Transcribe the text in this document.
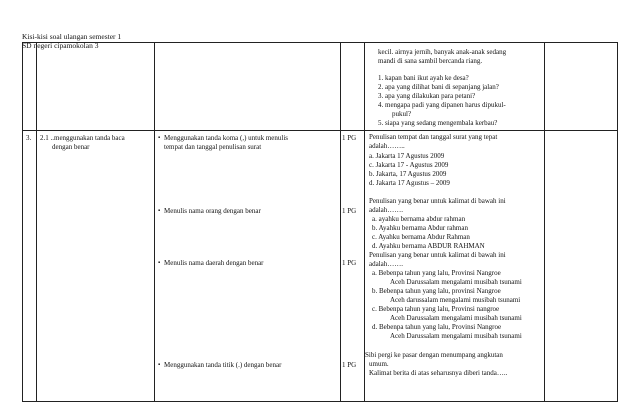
Kisi-kisi soal ulangan semester 1
SD negeri cipamokolan 3
kecil. airnya jernih, banyak anak-anak sedang
mandi di sana sambil bercanda riang.
1. kapan bani ikut ayah ke desa?
2. apa yang dilihat bani di sepanjang jalan?
3. apa yang dilakukan para petani?
4. mengapa padi yang dipanen harus dipukul-
pukul?
5. siapa yang sedang mengembala kerbau?
3. 2.1 ..menggunakan tanda baca
dengan benar
▪ Menggunakan tanda koma (,) untuk menulis
tempat dan tanggal penulisan surat
▪ Menulis nama orang dengan benar
▪ Menulis nama daerah dengan benar
▪ Menggunakan tanda titik (.) dengan benar
1 PG
1 PG
1 PG
1 PG
Penulisan tempat dan tanggal surat yang tepat
adalah……..
a. Jakarta 17 Agustus 2009
c. Jakarta 17 - Agustus 2009
b. Jakarta, 17 Agustus 2009
d. Jakarta 17 Agustus – 2009
Penulisan yang benar untuk kalimat di bawah ini
adalah…….
a. ayahku bernama abdur rahman
b. Ayahku bernama Abdur rahman
c. Ayahku bernama Abdur Rahman
d. Ayahku bernama ABDUR RAHMAN
Penulisan yang benar untuk kalimat di bawah ini
adalah…….
a. Bebenpa tahun yang lalu, Provinsi Nangroe
Aceh Darussalam mengalami musibah tsunami
b. Bebenpa tahun yang lalu, provinsi Nangroe
Aceh darussalam mengalami musibah tsunami
c. Bebenpa tahun yang lalu, Provinsi nangroe
Aceh Darussalam mengalami musibah tsunami
d. Bebenpa tahun yang lalu, Provinsi Nangroe
Aceh Darussalam mengalami musibah tsunami
Sibi pergi ke pasar dengan menumpang angkutan
umum.
Kalimat berita di atas seharusnya diberi tanda…..
